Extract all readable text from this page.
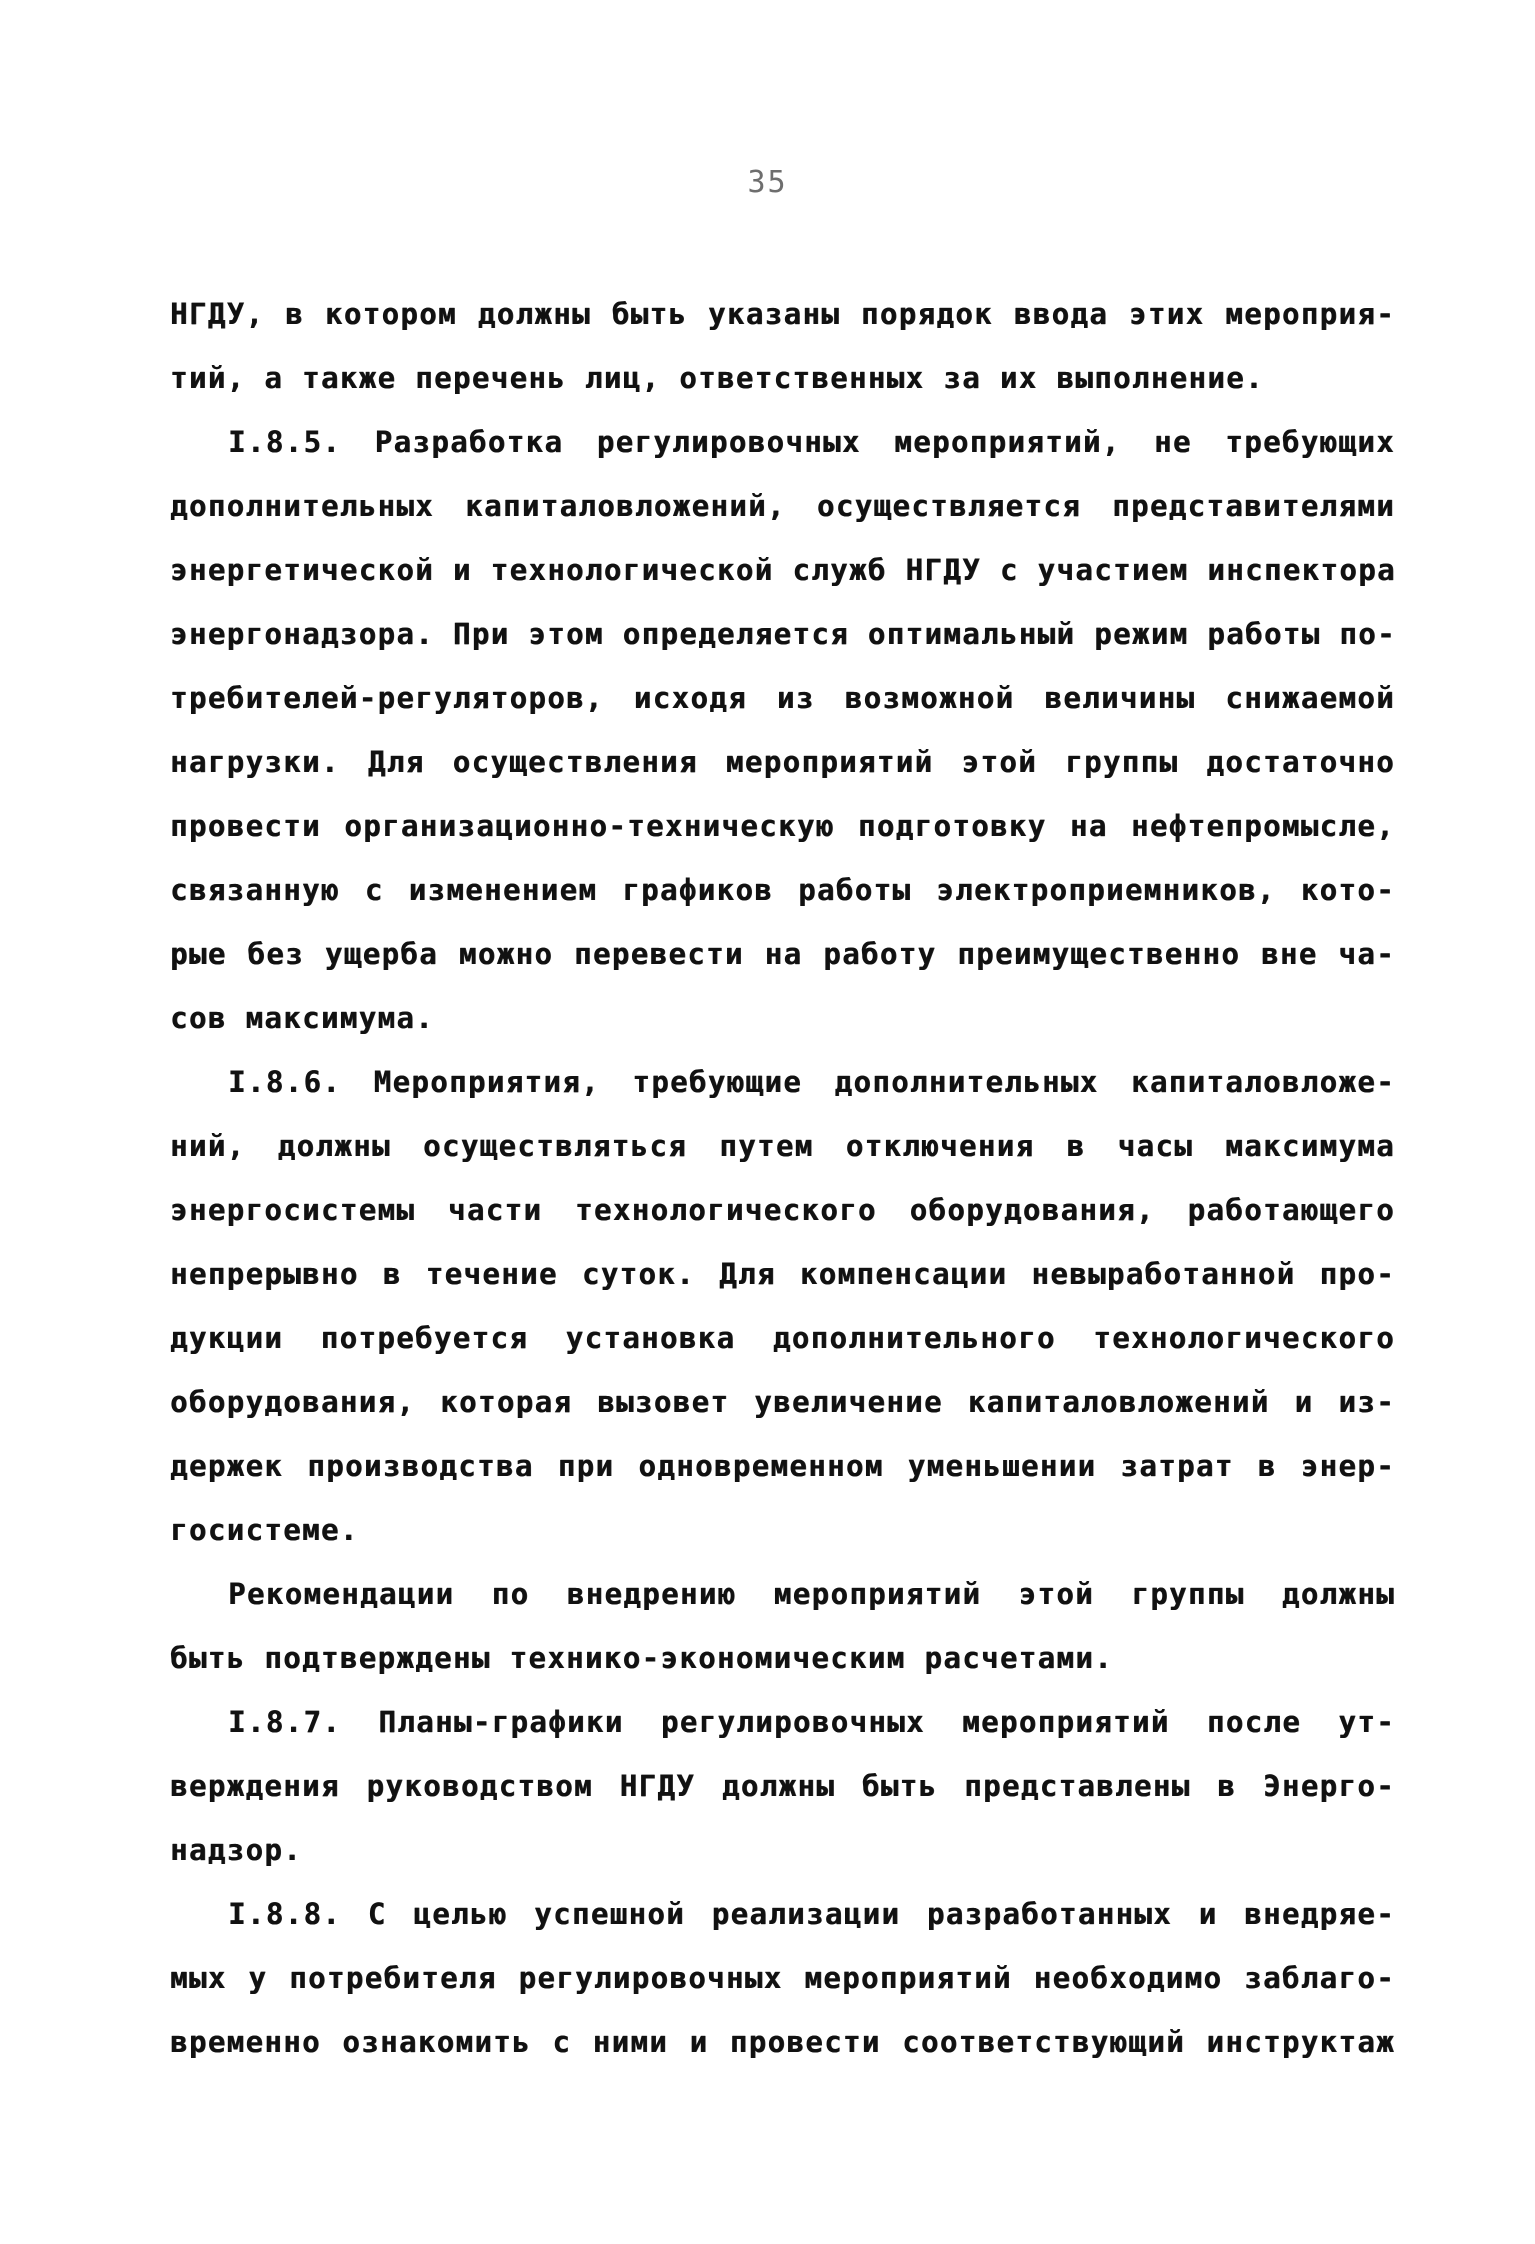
35
НГДУ, в котором должны быть указаны порядок ввода этих мероприя-
тий, а также перечень лиц, ответственных за их выполнение.
I.8.5. Разработка регулировочных мероприятий, не требующих
дополнительных капиталовложений, осуществляется представителями
энергетической и технологической служб НГДУ с участием инспектора
энергонадзора. При этом определяется оптимальный режим работы по-
требителей-регуляторов, исходя из возможной величины снижаемой
нагрузки. Для осуществления мероприятий этой группы достаточно
провести организационно-техническую подготовку на нефтепромысле,
связанную с изменением графиков работы электроприемников, кото-
рые без ущерба можно перевести на работу преимущественно вне ча-
сов максимума.
I.8.6. Мероприятия, требующие дополнительных капиталовложе-
ний, должны осуществляться путем отключения в часы максимума
энергосистемы части технологического оборудования, работающего
непрерывно в течение суток. Для компенсации невыработанной про-
дукции потребуется установка дополнительного технологического
оборудования, которая вызовет увеличение капиталовложений и из-
держек производства при одновременном уменьшении затрат в энер-
госистеме.
Рекомендации по внедрению мероприятий этой группы должны
быть подтверждены технико-экономическим расчетами.
I.8.7. Планы-графики регулировочных мероприятий после ут-
верждения руководством НГДУ должны быть представлены в Энерго-
надзор.
I.8.8. С целью успешной реализации разработанных и внедряе-
мых у потребителя регулировочных мероприятий необходимо заблаго-
временно ознакомить с ними и провести соответствующий инструктаж
